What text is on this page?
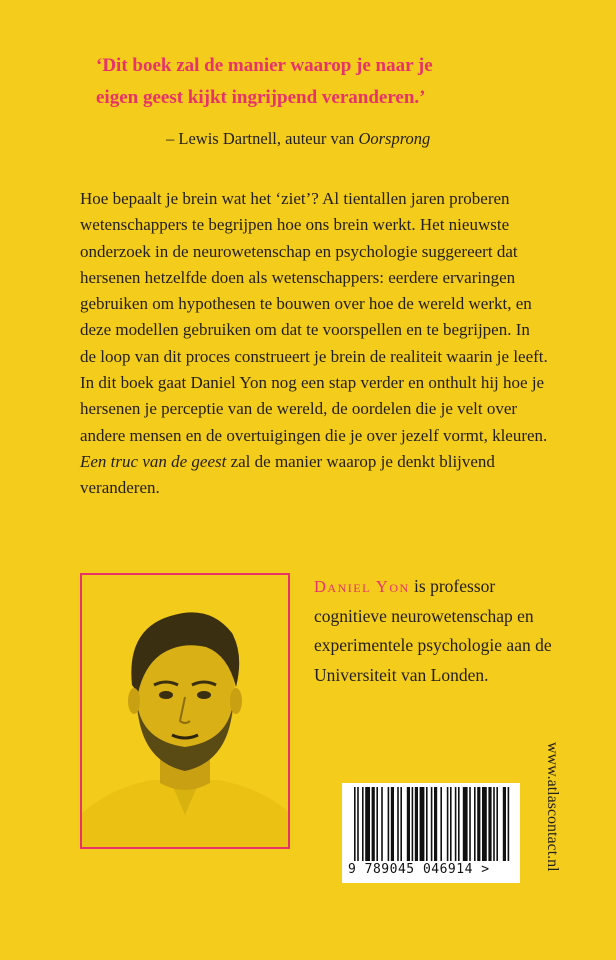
‘Dit boek zal de manier waarop je naar je
eigen geest kijkt ingrijpend veranderen.’
– Lewis Dartnell, auteur van Oorsprong

Hoe bepaalt je brein wat het ‘ziet’? Al tientallen jaren proberen wetenschappers te begrijpen hoe ons brein werkt. Het nieuwste onderzoek in de neurowetenschap en psychologie suggereert dat hersenen hetzelfde doen als wetenschappers: eerdere ervaringen gebruiken om hypothesen te bouwen over hoe de wereld werkt, en deze modellen gebruiken om dat te voorspellen en te begrijpen. In de loop van dit proces construeert je brein de realiteit waarin je leeft.

In dit boek gaat Daniel Yon nog een stap verder en onthult hij hoe je hersenen je perceptie van de wereld, de oordelen die je velt over andere mensen en de overtuigingen die je over jezelf vormt, kleuren. Een truc van de geest zal de manier waarop je denkt blijvend veranderen.

Daniel Yon is professor cognitieve neurowetenschap en experimentele psychologie aan de Universiteit van Londen.
www.atlascontact.nl
9 789045 046914 >
